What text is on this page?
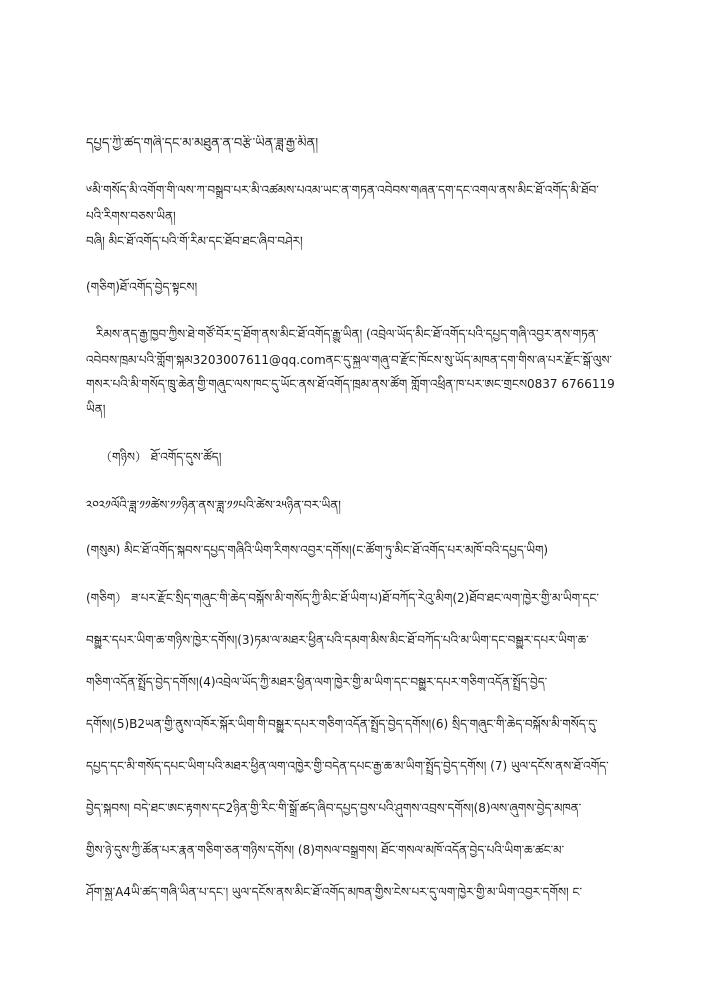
དཔྱད་ཀྱི་ཚད་གཞི་དང་མ་མཐུན་ན་བརྩི་ཡིན་ཟླ་རྒྱ་མིན།
༦མི་གསོད་མི་འགོག་གི་ལས་ཀ་བསྒྲུབ་པར་མི་འཚམས་པའམ་ཡང་ན་གཏན་འབེབས་གཞན་དག་དང་འགལ་ནས་མིང་ཐོ་འགོད་མི་ཐོབ་
པའི་རིགས་བཅས་ཡིན།
བཞི། མིང་ཐོ་འགོད་པའི་གོ་རིམ་དང་ཐོབ་ཐང་ཞིབ་བཤེར།
(གཅིག)ཐོ་འགོད་བྱེད་སྟངས།
རིམས་ནད་རྒྱ་ཁྱབ་ཀྱིས་ཐེ་གཙོ་བོར་དྲ་ཐོག་ནས་མིང་ཐོ་འགོད་རྒྱུ་ཡིན། (འབྲེལ་ཡོད་མིང་ཐོ་འགོད་པའི་དཔྱད་གཞི་འབྱར་ནས་གཏན་
འབེབས་ཁྲམ་པའི་གློག་སྐམ3203007611@qq.comནང་དུ་སྐྱལ་གཞུ་བ་རྫོང་ཁོངས་སུ་ཡོད་མཁན་དག་གིས་ཞ་པར་རྫོང་སྒོ་ལུས་
གསར་པའི་མི་གསོད་ཁྲུ་ཆེན་གྱི་གཞུང་ལས་ཁང་དུ་ཡོང་ནས་ཐོ་འགོད་ཁྲམ་ནས་ཚོག གློག་འཕྲིན་ཁ་པར་ཨང་གྲངས0837 6766119
ཡིན།
（གཉིས） ཐོ་འགོད་དུས་ཚོད།
༢༠༢༡ལོའི་ཟླ་༡༡ཚེས་༡༡ཉིན་ནས་ཟླ་༡༡པའི་ཚེས་༢༥ཉིན་བར་ཡིན།
(གསུམ) མིང་ཐོ་འགོད་སྐབས་དཔྱད་གཞིའི་ཡིག་རིགས་འབྱར་དགོས།(ང་ཚོག་ཏུ་མིང་ཐོ་འགོད་པར་མཁོ་བའི་དཔྱད་ཡིག)
(གཅིག） ཟ་པར་རྫོང་སྲིད་གཞུང་གི་ཆེད་བསྐོས་མི་གསོད་ཀྱི་མིང་ཐོ་ཡིག་པ)ཐོ་བཀོད་རེའུ་མིག(2)ཐོབ་ཐང་ལག་ཁྱེར་གྱི་མ་ཡིག་དང་
བསྒྱུར་དཔར་ཡིག་ཆ་གཉིས་ཁྱེར་དགོས།(3)ཏམ་ལ་མཐར་ཕྱིན་པའི་དམག་མིས་མིང་ཐོ་བཀོད་པའི་མ་ཡིག་དང་བསྒྱུར་དཔར་ཡིག་ཆ་
གཅིག་འདོན་སྤྲོད་བྱེད་དགོས།(4)འབྲེལ་ཡོད་ཀྱི་མཐར་ཕྱིན་ལག་ཁྱེར་གྱི་མ་ཡིག་དང་བསྒྱུར་དཔར་གཅིག་འདོན་སྤྲོད་བྱེད་
དགོས།(5)B2ཡན་གྱི་ནུས་འཁོར་སྐོར་ཡིག་གི་བསྒྱུར་དཔར་གཅིག་འདོན་སྤྲོད་བྱེད་དགོས།(6) སྲིད་གཞུང་གི་ཆེད་བསྐོས་མི་གསོད་དུ་
དཔྱད་དང་མི་གསོད་དཔང་ཡིག་པའི་མཐར་ཕྱིན་ལག་འཁྱེར་གྱི་བདེན་དཔང་རྒྱ་ཆ་མ་ཡིག་སྤྲོད་བྱེད་དགོས། (7) ཡུལ་དངོས་ནས་ཐོ་འགོད་
བྱེད་སྐབས། བདེ་ཐང་ཨང་རྟགས་དང2ཉིན་གྱི་རིང་གི་སྒྲོ་ཚད་ཞིབ་དཔྱད་བྱས་པའི་ཤུགས་འབྲས་དགོས།(8)ལས་ཞུགས་བྱེད་མཁན་
གྱིས་ཉེ་དུས་ཀྱི་ཚོན་པར་རྣན་གཅིག་ཅན་གཉིས་དགོས། (8)གསལ་བསྒྲགས། ཐོང་གསལ་མཁོ་འདོན་བྱེད་པའི་ཡིག་ཆ་ཚང་མ་
ཤོག་སྐྱ་A4ཡི་ཚད་གཞི་ཡིན་པ་དང་། ཡུལ་དངོས་ནས་མིང་ཐོ་འགོད་མཁན་གྱིས་ངེས་པར་དུ་ལག་ཁྱེར་གྱི་མ་ཡིག་འབྱར་དགོས། ང་
